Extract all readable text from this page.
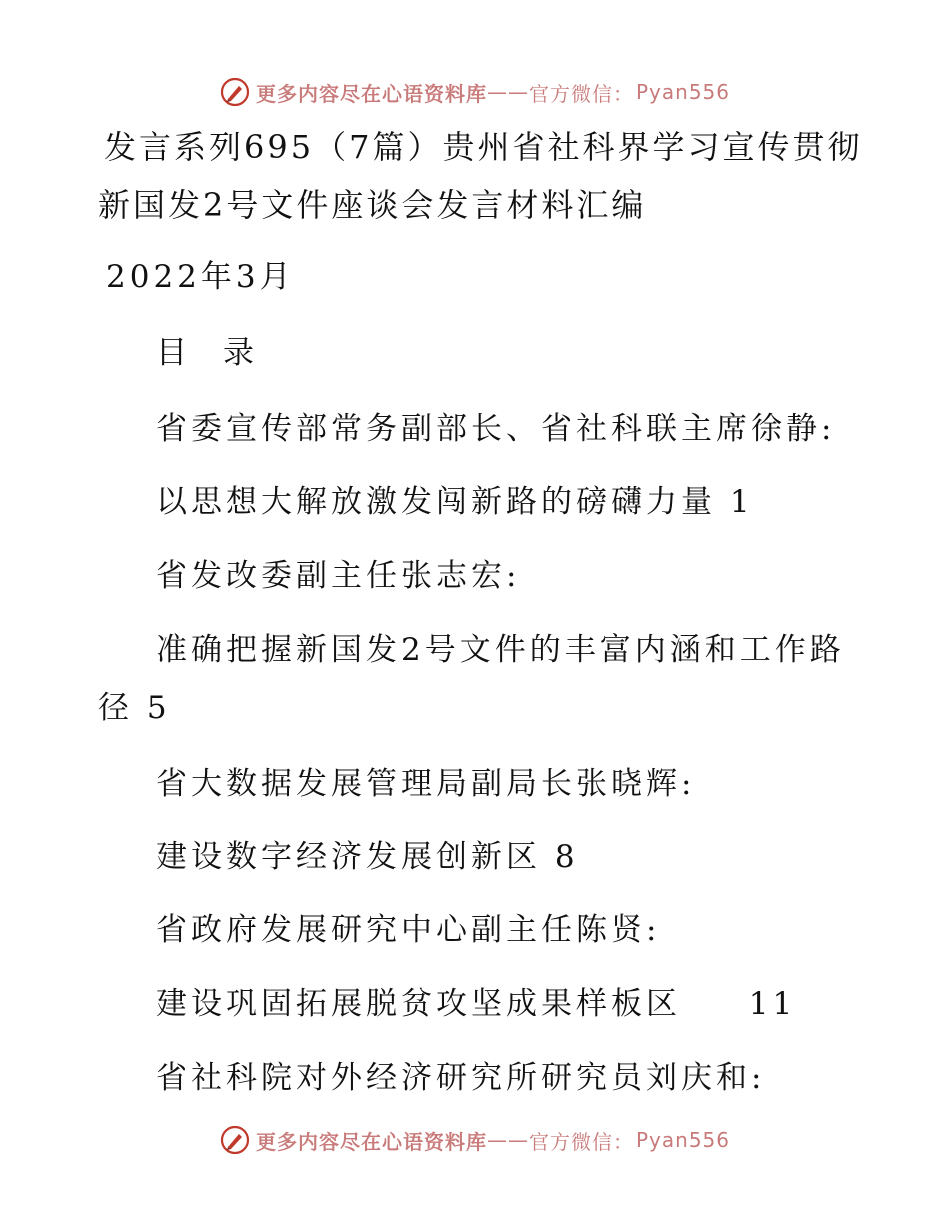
更多内容尽在心语资料库 —— 官方微信： Pyan556
发言系列695（7篇）贵州省社科界学习宣传贯彻
新国发2号文件座谈会发言材料汇编
2022年3月
目 录
省委宣传部常务副部长、省社科联主席徐静:
以思想大解放激发闯新路的磅礴力量 1
省发改委副主任张志宏:
准确把握新国发2号文件的丰富内涵和工作路
径 5
省大数据发展管理局副局长张晓辉:
建设数字经济发展创新区 8
省政府发展研究中心副主任陈贤:
建设巩固拓展脱贫攻坚成果样板区 11
省社科院对外经济研究所研究员刘庆和:
更多内容尽在心语资料库 —— 官方微信： Pyan556
